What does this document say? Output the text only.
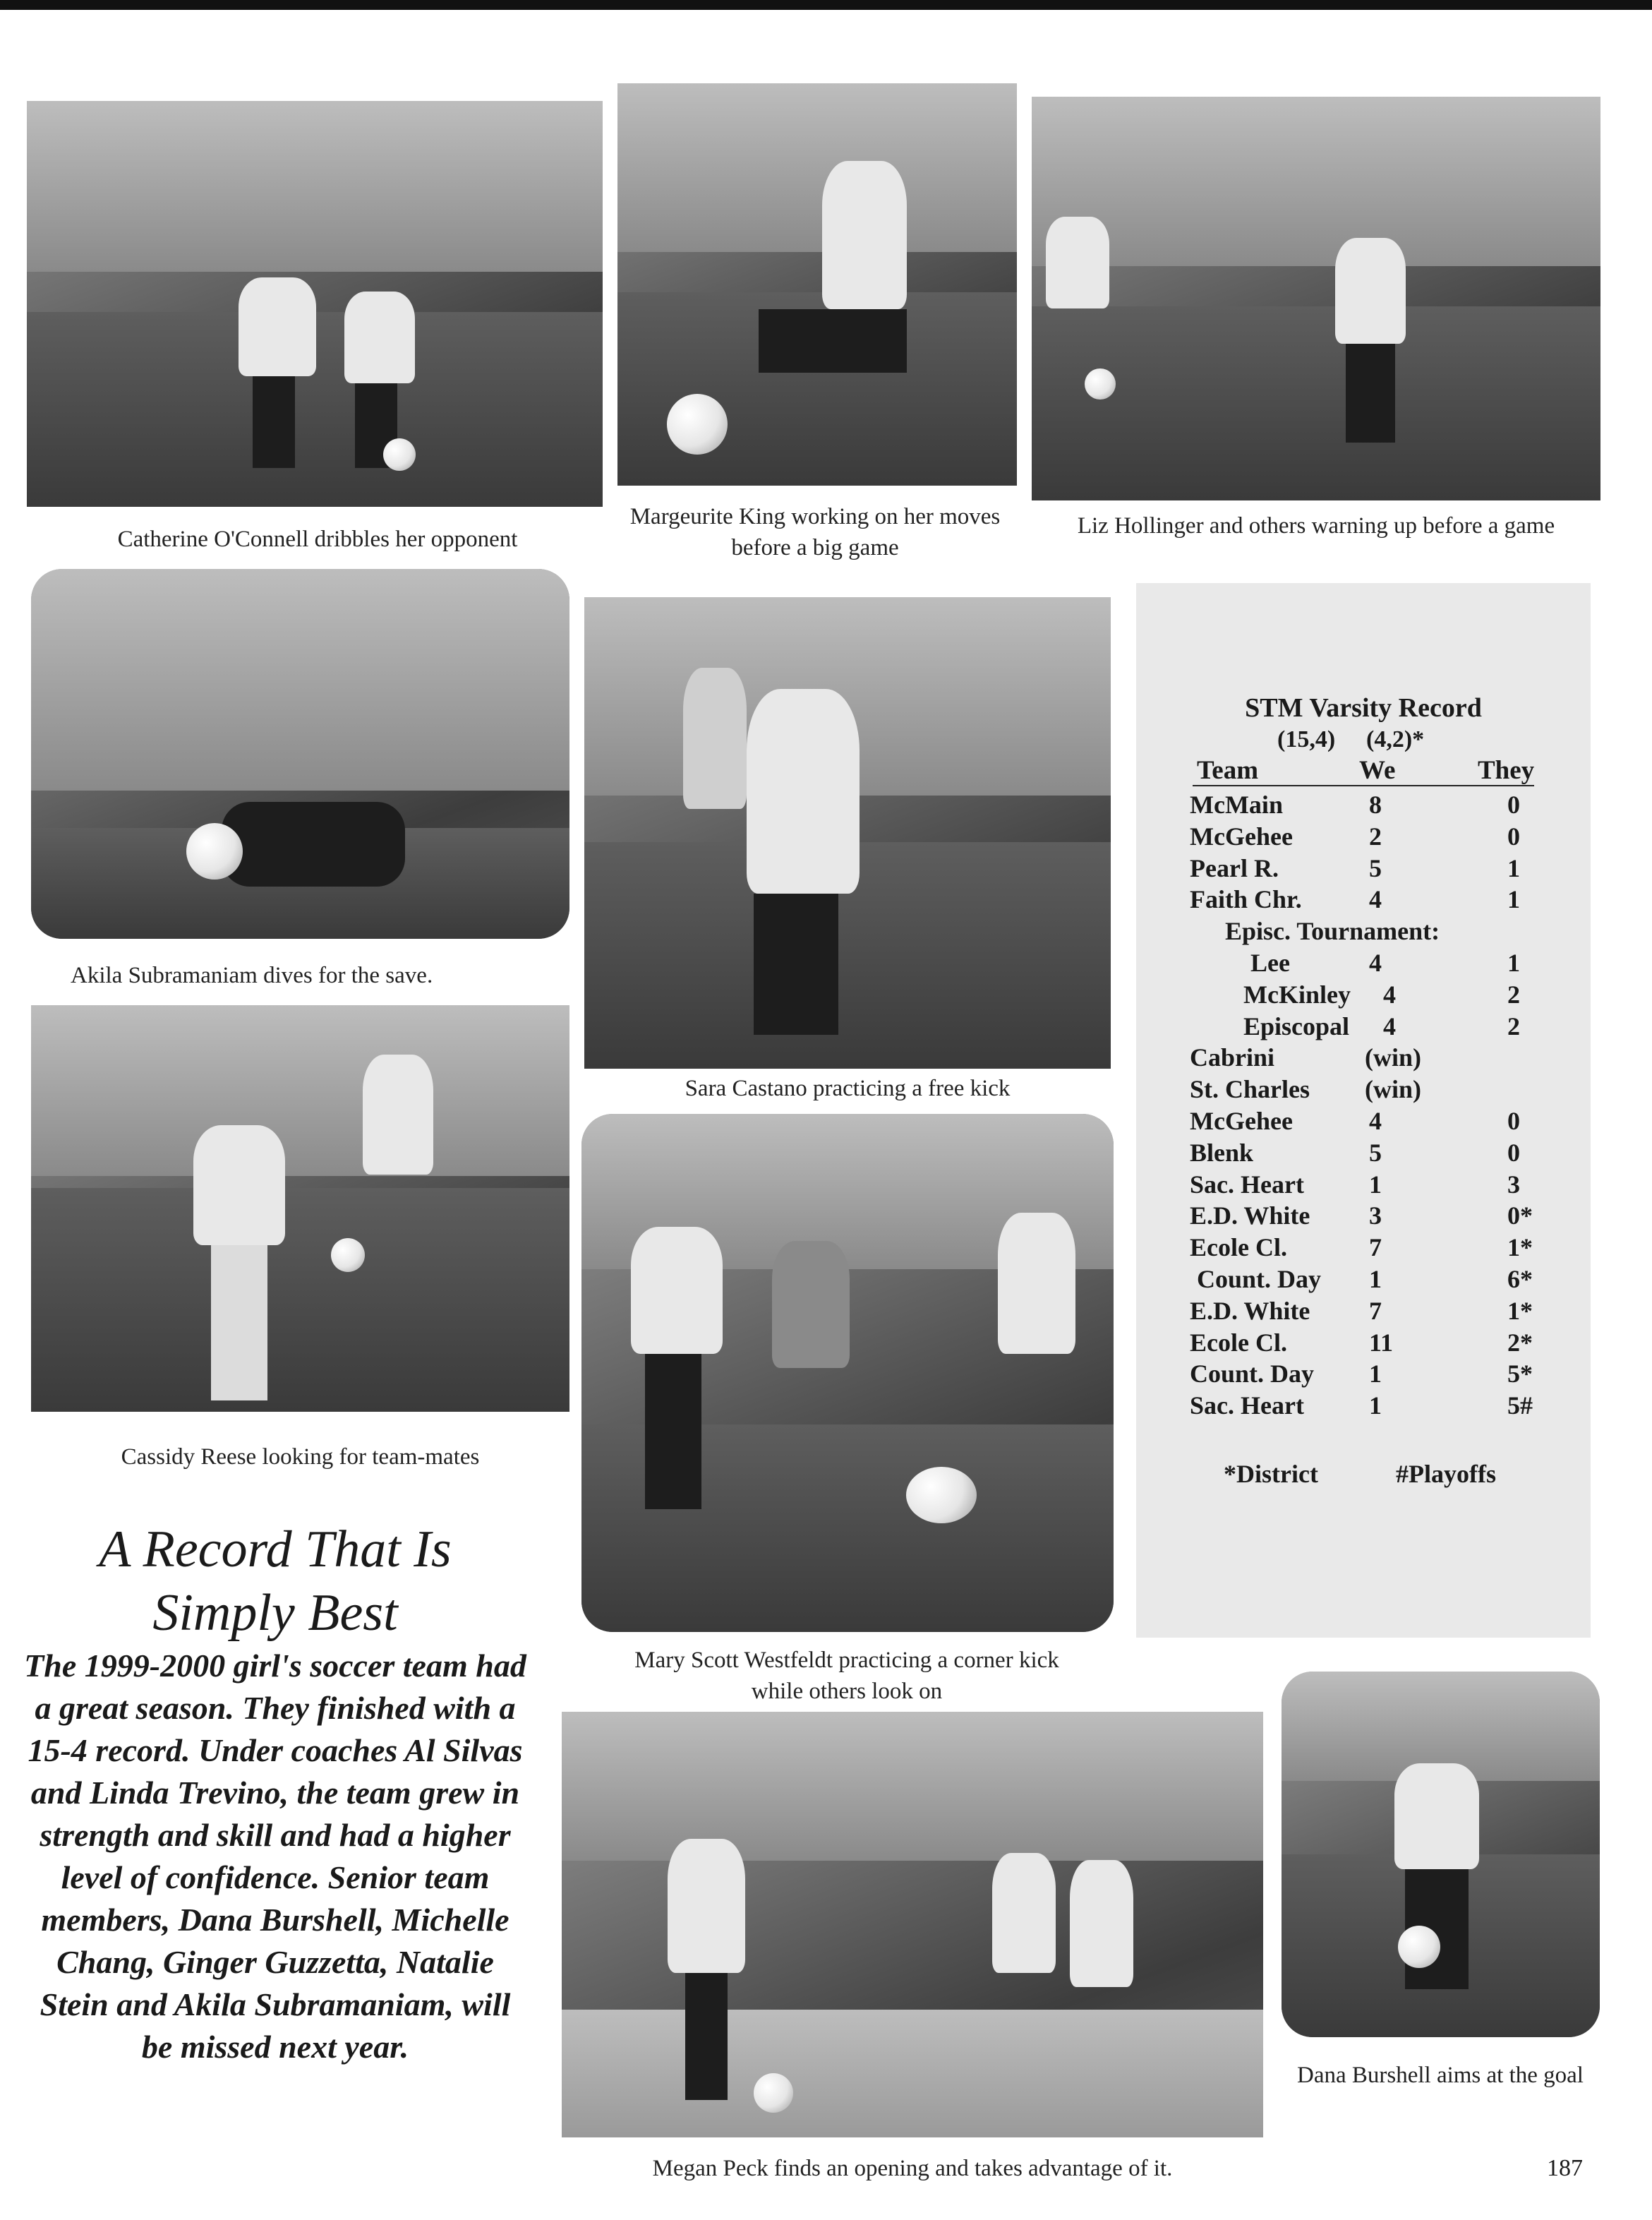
Catherine O'Connell dribbles her opponent
Margeurite King working on her moves before a big game
Liz Hollinger and others warning up before a game
Akila Subramaniam dives for the save.
Sara Castano practicing a free kick
Cassidy Reese looking for team-mates
Mary Scott Westfeldt practicing a corner kick while others look on
Megan Peck finds an opening and takes advantage of it.
Dana Burshell aims at the goal
STM Varsity Record
(15,4) (4,2)*
Team	We	They
McMain	8	0
McGehee	2	0
Pearl R.	5	1
Faith Chr.	4	1
Episc. Tournament:
Lee	4	1
McKinley 4	2
Episcopal 4	2
Cabrini	(win)
St. Charles (win)
McGehee	4	0
Blenk	5	0
Sac. Heart	1	3
E.D. White 3	0*
Ecole Cl.	7	1*
Count. Day 1	6*
E.D. White 7	1*
Ecole Cl.	11	2*
Count. Day 1	5*
Sac. Heart	1	5#
*District	#Playoffs
A Record That Is Simply Best
The 1999-2000 girl's soccer team had a great season. They finished with a 15-4 record. Under coaches Al Silvas and Linda Trevino, the team grew in strength and skill and had a higher level of confidence. Senior team members, Dana Burshell, Michelle Chang, Ginger Guzzetta, Natalie Stein and Akila Subramaniam, will be missed next year.
187
